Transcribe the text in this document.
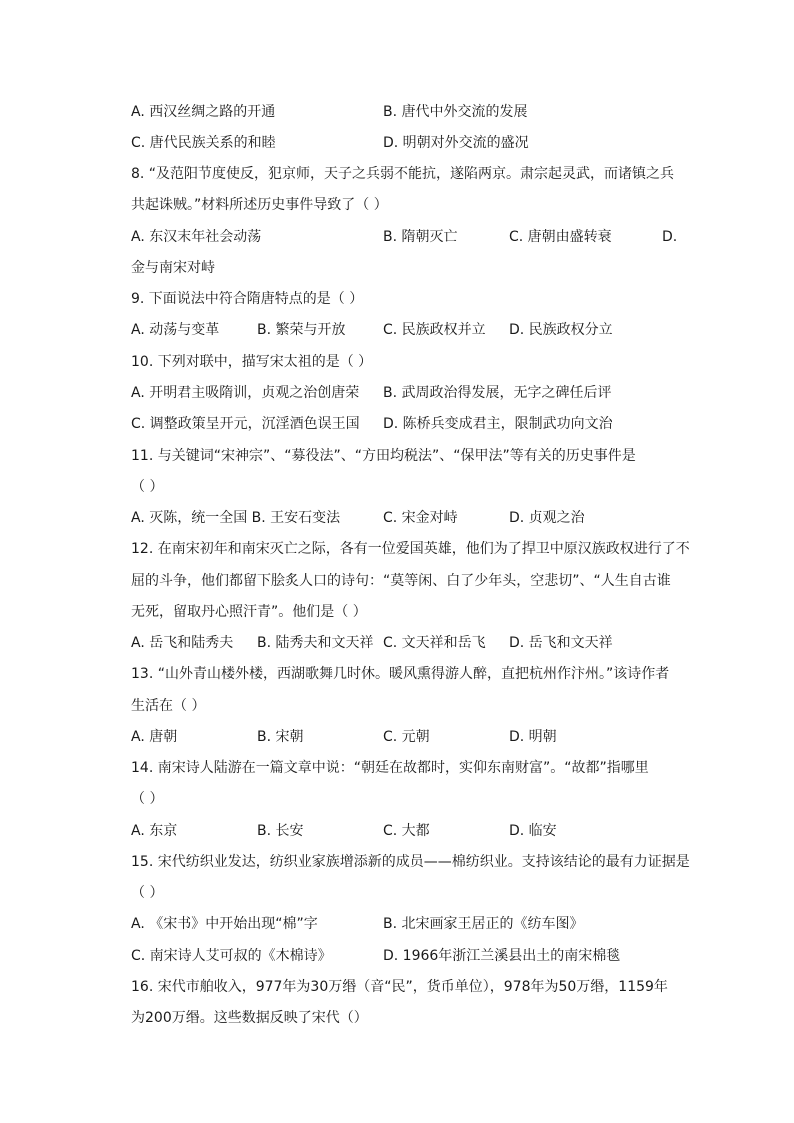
A. 西汉丝绸之路的开通	B. 唐代中外交流的发展
C. 唐代民族关系的和睦	D. 明朝对外交流的盛况
8. “及范阳节度使反，犯京师，天子之兵弱不能抗，遂陷两京。肃宗起灵武，而诸镇之兵
共起诛贼。”材料所述历史事件导致了（ ）
A. 东汉末年社会动荡	B. 隋朝灭亡	C. 唐朝由盛转衰	D.
金与南宋对峙
9. 下面说法中符合隋唐特点的是（ ）
A. 动荡与变革	B. 繁荣与开放	C. 民族政权并立 D. 民族政权分立
10. 下列对联中，描写宋太祖的是（ ）
A. 开明君主吸隋训，贞观之治创唐荣 B. 武周政治得发展，无字之碑任后评
C. 调整政策呈开元，沉淫酒色误王国 D. 陈桥兵变成君主，限制武功向文治
11. 与关键词“宋神宗”、“募役法”、“方田均税法”、“保甲法”等有关的历史事件是
（ ）
A. 灭陈，统一全国 B. 王安石变法	C. 宋金对峙	D. 贞观之治
12. 在南宋初年和南宋灭亡之际，各有一位爱国英雄，他们为了捍卫中原汉族政权进行了不
屈的斗争，他们都留下脍炙人口的诗句：“莫等闲、白了少年头，空悲切”、“人生自古谁
无死，留取丹心照汗青”。他们是（ ）
A. 岳飞和陆秀夫 B. 陆秀夫和文天祥 C. 文天祥和岳飞 D. 岳飞和文天祥
13. “山外青山楼外楼，西湖歌舞几时休。暖风熏得游人醉，直把杭州作汴州。”该诗作者
生活在（ ）
A. 唐朝	B. 宋朝	C. 元朝	D. 明朝
14. 南宋诗人陆游在一篇文章中说：“朝廷在故都时，实仰东南财富”。“故都”指哪里
（ ）
A. 东京	B. 长安	C. 大都	D. 临安
15. 宋代纺织业发达，纺织业家族增添新的成员——棉纺织业。支持该结论的最有力证据是
（ ）
A. 《宋书》中开始出现“棉”字	B. 北宋画家王居正的《纺车图》
C. 南宋诗人艾可叔的《木棉诗》	D. 1966年浙江兰溪县出土的南宋棉毯
16. 宋代市舶收入，977年为30万缗（音“民”，货币单位），978年为50万缗，1159年
为200万缗。这些数据反映了宋代（）
